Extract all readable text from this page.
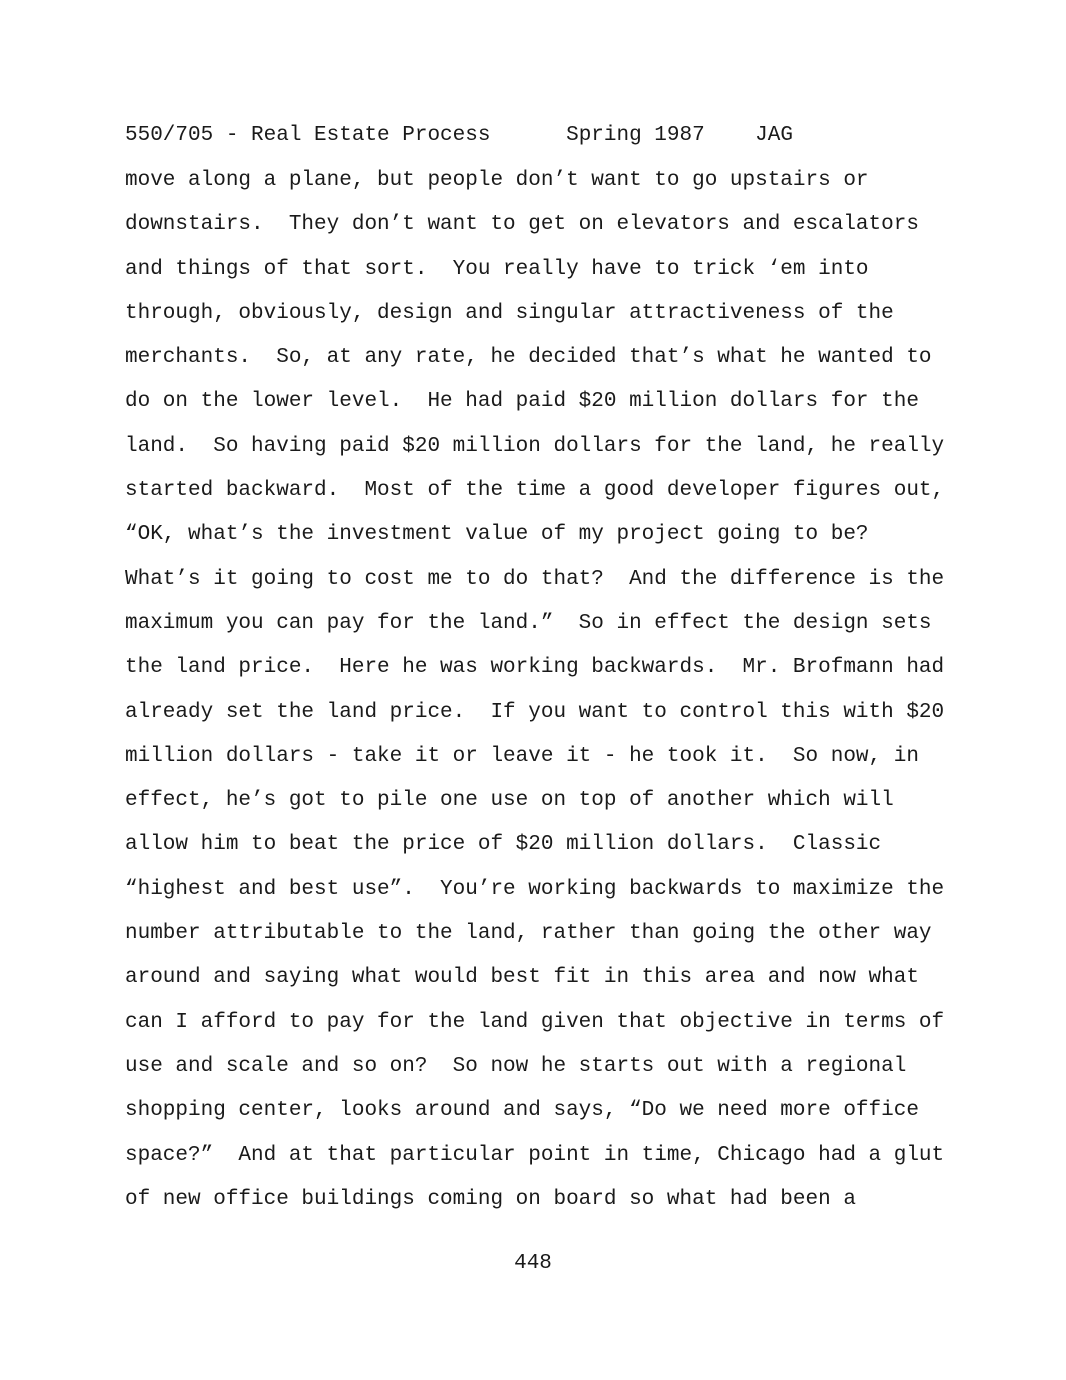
550/705 - Real Estate Process	Spring 1987 JAG
move along a plane, but people don’t want to go upstairs or
downstairs.  They don’t want to get on elevators and escalators
and things of that sort.  You really have to trick ‘em into
through, obviously, design and singular attractiveness of the
merchants.  So, at any rate, he decided that’s what he wanted to
do on the lower level.  He had paid $20 million dollars for the
land.  So having paid $20 million dollars for the land, he really
started backward.  Most of the time a good developer figures out,
“OK, what’s the investment value of my project going to be?
What’s it going to cost me to do that?  And the difference is the
maximum you can pay for the land.”  So in effect the design sets
the land price.  Here he was working backwards.  Mr. Brofmann had
already set the land price.  If you want to control this with $20
million dollars - take it or leave it - he took it.  So now, in
effect, he’s got to pile one use on top of another which will
allow him to beat the price of $20 million dollars.  Classic
“highest and best use”.  You’re working backwards to maximize the
number attributable to the land, rather than going the other way
around and saying what would best fit in this area and now what
can I afford to pay for the land given that objective in terms of
use and scale and so on?  So now he starts out with a regional
shopping center, looks around and says, “Do we need more office
space?”  And at that particular point in time, Chicago had a glut
of new office buildings coming on board so what had been a
448
